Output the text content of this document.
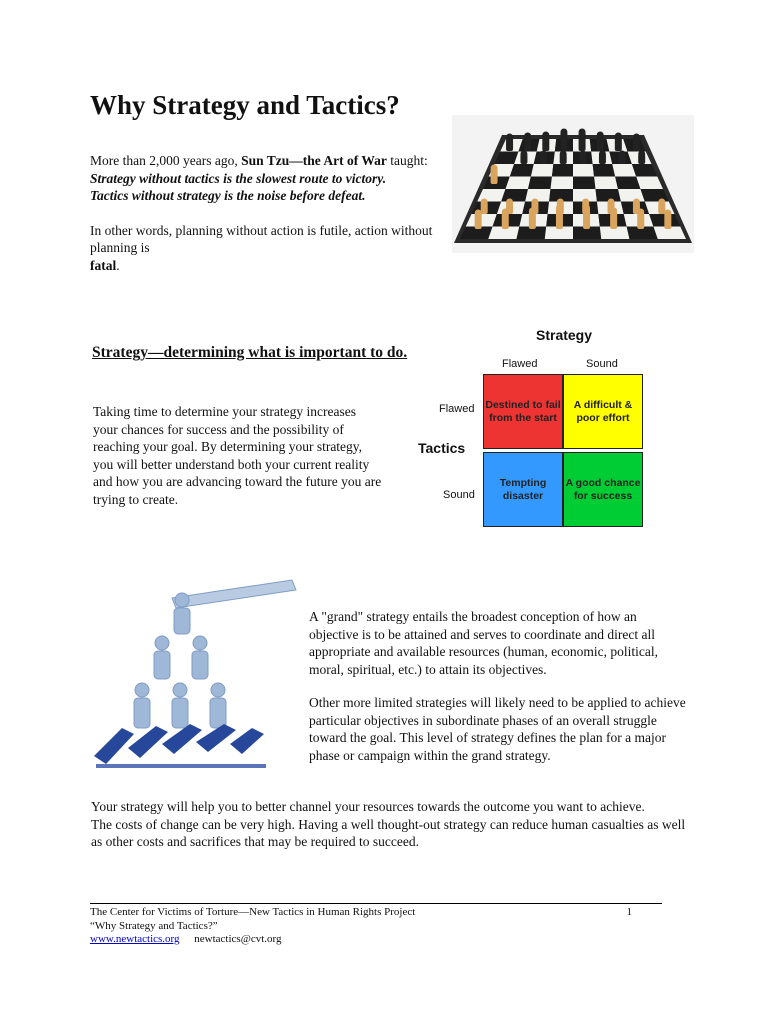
Why Strategy and Tactics?

More than 2,000 years ago, Sun Tzu—the Art of War taught:

Strategy without tactics is the slowest route to victory.

Tactics without strategy is the noise before defeat.

In other words, planning without action is futile, action without planning is
fatal.

Strategy—determining what is important to do.

Taking time to determine your strategy increases your chances for success and the possibility of reaching your goal. By determining your strategy, you will better understand both your current reality and how you are advancing toward the future you are trying to create.

Strategy
Flawed	Sound
Flawed
Tactics
Sound
Destined to fail from the start
A difficult & poor effort
Tempting disaster
A good chance for success

A "grand" strategy entails the broadest conception of how an objective is to be attained and serves to coordinate and direct all appropriate and available resources (human, economic, political, moral, spiritual, etc.) to attain its objectives.

Other more limited strategies will likely need to be applied to achieve particular objectives in subordinate phases of an overall struggle toward the goal. This level of strategy defines the plan for a major phase or campaign within the grand strategy.

Your strategy will help you to better channel your resources towards the outcome you want to achieve.

The costs of change can be very high. Having a well thought-out strategy can reduce human casualties as well as other costs and sacrifices that may be required to succeed.

The Center for Victims of Torture—New Tactics in Human Rights Project	1
“Why Strategy and Tactics?”
www.newtactics.org newtactics@cvt.org
